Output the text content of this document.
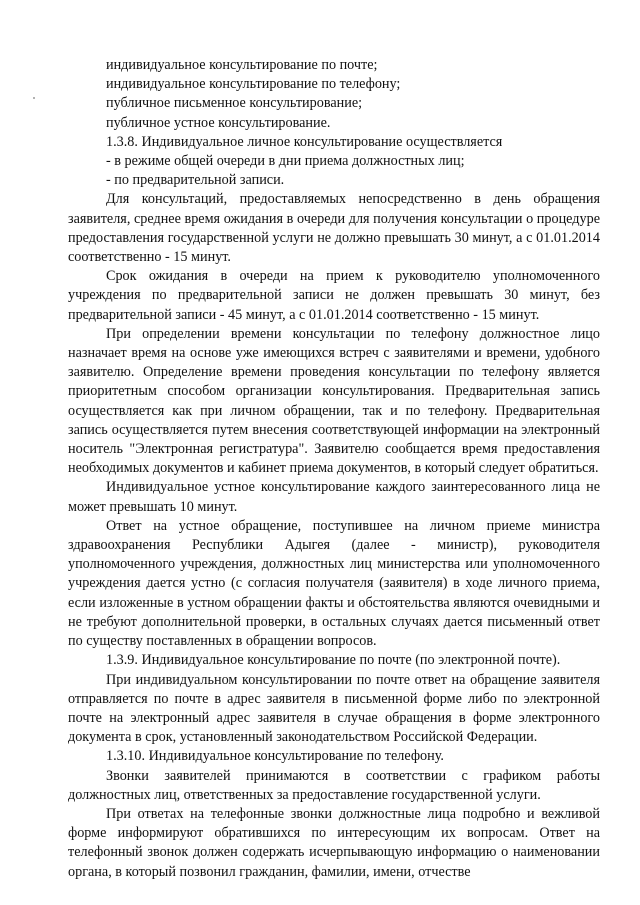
индивидуальное консультирование по почте;

индивидуальное консультирование по телефону;

публичное письменное консультирование;

публичное устное консультирование.

1.3.8. Индивидуальное личное консультирование осуществляется

- в режиме общей очереди в дни приема должностных лиц;

- по предварительной записи.

Для консультаций, предоставляемых непосредственно в день обращения заявителя, среднее время ожидания в очереди для получения консультации о процедуре предоставления государственной услуги не должно превышать 30 минут, а с 01.01.2014 соответственно - 15 минут.

Срок ожидания в очереди на прием к руководителю уполномоченного учреждения по предварительной записи не должен превышать 30 минут, без предварительной записи - 45 минут, а с 01.01.2014 соответственно - 15 минут.

При определении времени консультации по телефону должностное лицо назначает время на основе уже имеющихся встреч с заявителями и времени, удобного заявителю. Определение времени проведения консультации по телефону является приоритетным способом организации консультирования. Предварительная запись осуществляется как при личном обращении, так и по телефону. Предварительная запись осуществляется путем внесения соответствующей информации на электронный носитель "Электронная регистратура". Заявителю сообщается время предоставления необходимых документов и кабинет приема документов, в который следует обратиться.

Индивидуальное устное консультирование каждого заинтересованного лица не может превышать 10 минут.

Ответ на устное обращение, поступившее на личном приеме министра здравоохранения Республики Адыгея (далее - министр), руководителя уполномоченного учреждения, должностных лиц министерства или уполномоченного учреждения дается устно (с согласия получателя (заявителя) в ходе личного приема, если изложенные в устном обращении факты и обстоятельства являются очевидными и не требуют дополнительной проверки, в остальных случаях дается письменный ответ по существу поставленных в обращении вопросов.

1.3.9. Индивидуальное консультирование по почте (по электронной почте).

При индивидуальном консультировании по почте ответ на обращение заявителя отправляется по почте в адрес заявителя в письменной форме либо по электронной почте на электронный адрес заявителя в случае обращения в форме электронного документа в срок, установленный законодательством Российской Федерации.

1.3.10. Индивидуальное консультирование по телефону.

Звонки заявителей принимаются в соответствии с графиком работы должностных лиц, ответственных за предоставление государственной услуги.

При ответах на телефонные звонки должностные лица подробно и вежливой форме информируют обратившихся по интересующим их вопросам. Ответ на телефонный звонок должен содержать исчерпывающую информацию о наименовании органа, в который позвонил гражданин, фамилии, имени, отчестве
